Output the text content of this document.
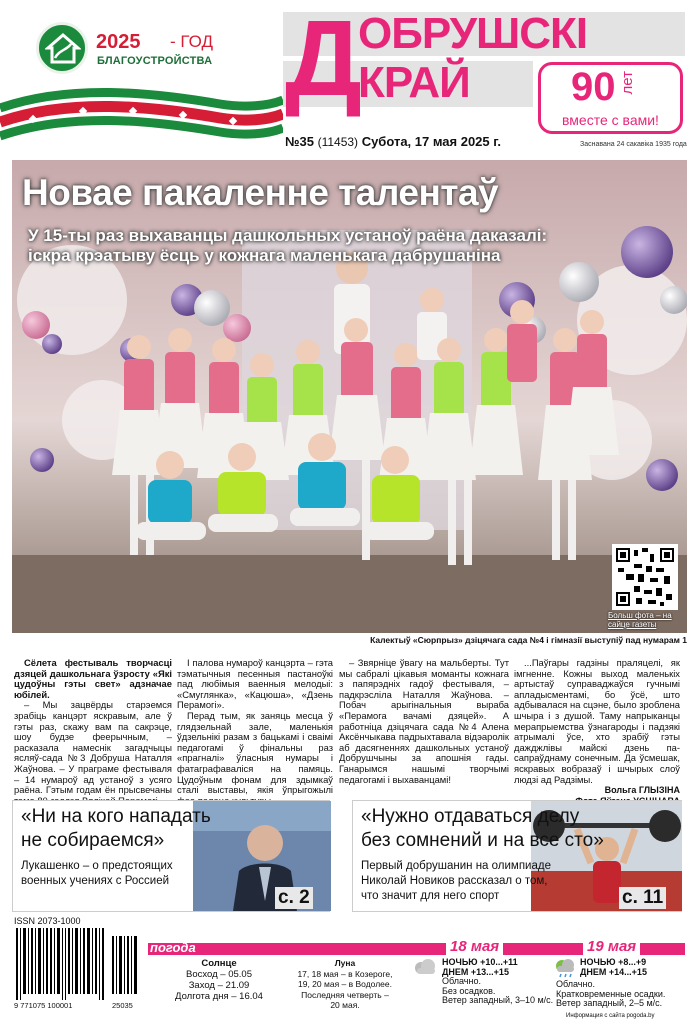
2025 - ГОД
БЛАГОУСТРОЙСТВА Д
ОБРУШСКІ
КРАЙ	90 лет
вместе с вами!
№35 (11453) Субота, 17 мая 2025 г.	Заснавана 24 сакавіка 1935 года
Новае пакаленне талентаў
У 15-ты раз выхаванцы дашкольных устаноў раёна даказалі: іскра крэатыву ёсць у кожнага маленькага дабрушаніна
Больш фота – на сайце газеты
Калектыў «Сюрпрыз» дзіцячага сада №4 і гімназії выступіў пад нумарам 1

Сёлета фестываль творчасці дзяцей дашкольнага ўзросту «Якi цудоўны гэты свет» адзначае юбілей.

– Мы зацвёрды старэемся зрабіць канцэрт яскравым, але ў гэты раз, скажу вам па сакрэце, шоу будзе феерычным, – расказала намеснік загадчыцы ясляў-сада №3 Добруша Наталля Жаўнова. – У праграме фестываля – 14 нумароў ад устаноў з усяго раёна. Гэтым годам ён прысвечаны

І палова нумароў канцэрта – гэта тэматычныя песенныя пастаноўкі пад любімыя ваенныя мелодыі: «Смуглянка», «Кацюша», «Дзень Перамогі».

Перад тым, як заняць месца ў глядзельнай зале, маленькія ўдзельнікі разам з бацькамі і сваімі педагогамі ў фінальны раз «прагналі» ўласныя нумары і фатаграфаваліся на памяць. Цудоўным фонам для здымкаў сталі выставы, якія ўпрыгожылі

– Звярніце ўвагу на мальберты. Тут мы сабралі цікавыя моманты кожнага з папярэдніх гадоў фестываля, – падкрэсліла Наталля Жаўнова. – Побач арыгінальныя выраба «Перамога вачамі дзяцей». А работніца дзіцячага сада №4 Алена Аксёнчыкава падрыхтавала відэаролік аб дасягненнях дашкольных устаноў Добрушчыны за апошнія гады. Ганарымся нашымі творчымі педагогамі і выхаванцамі!

...Паўгары гадзіны праляцелі, як імгненне. Кожны выход маленькіх артыстаў суправаджаўся гучнымі апладысментамі, бо ўсё, што адбывалася на сцэне, было зроблена шчыра і з душой. Таму напрыканцы мерапрыемства ўзнагароды і падзякі атрымалі ўсе, хто зрабіў гэты дажджлівы майскі дзень па-сапраўднаму сонечным. Да ўсмешак, яскравых вобразаў і шчырых слоў людзі ад Радзімы.

Вольга ГЛЫЗІНА
«Ни на кого нападать
не собираемся»
Лукашенко – о предстоящих
военных учениях с Россией
с. 2
«Нужно отдаваться делу
без сомнений и на все сто»
Первый добрушанин на олимпиаде
Николай Новиков рассказал о том,
что значит для него спорт	с. 11
ISSN 2073-1000
9 771075 100001	25035
погода	18 мая	19 мая
Солнце
Восход – 05.05
Заход – 21.09
Долгота дня – 16.04
Луна
17, 18 мая – в Козероге,
19, 20 мая – в Водолее.
Последняя четверть –
20 мая.
НОЧЬЮ +10...+11
ДНЕМ +13...+15
Облачно.
Без осадков.
Ветер западный, 3–10 м/с.
НОЧЬЮ +8...+9
ДНЕМ +14...+15
Облачно.
Кратковременные осадки.
Ветер западный, 2–5 м/с.
Информация с сайта pogoda.by
